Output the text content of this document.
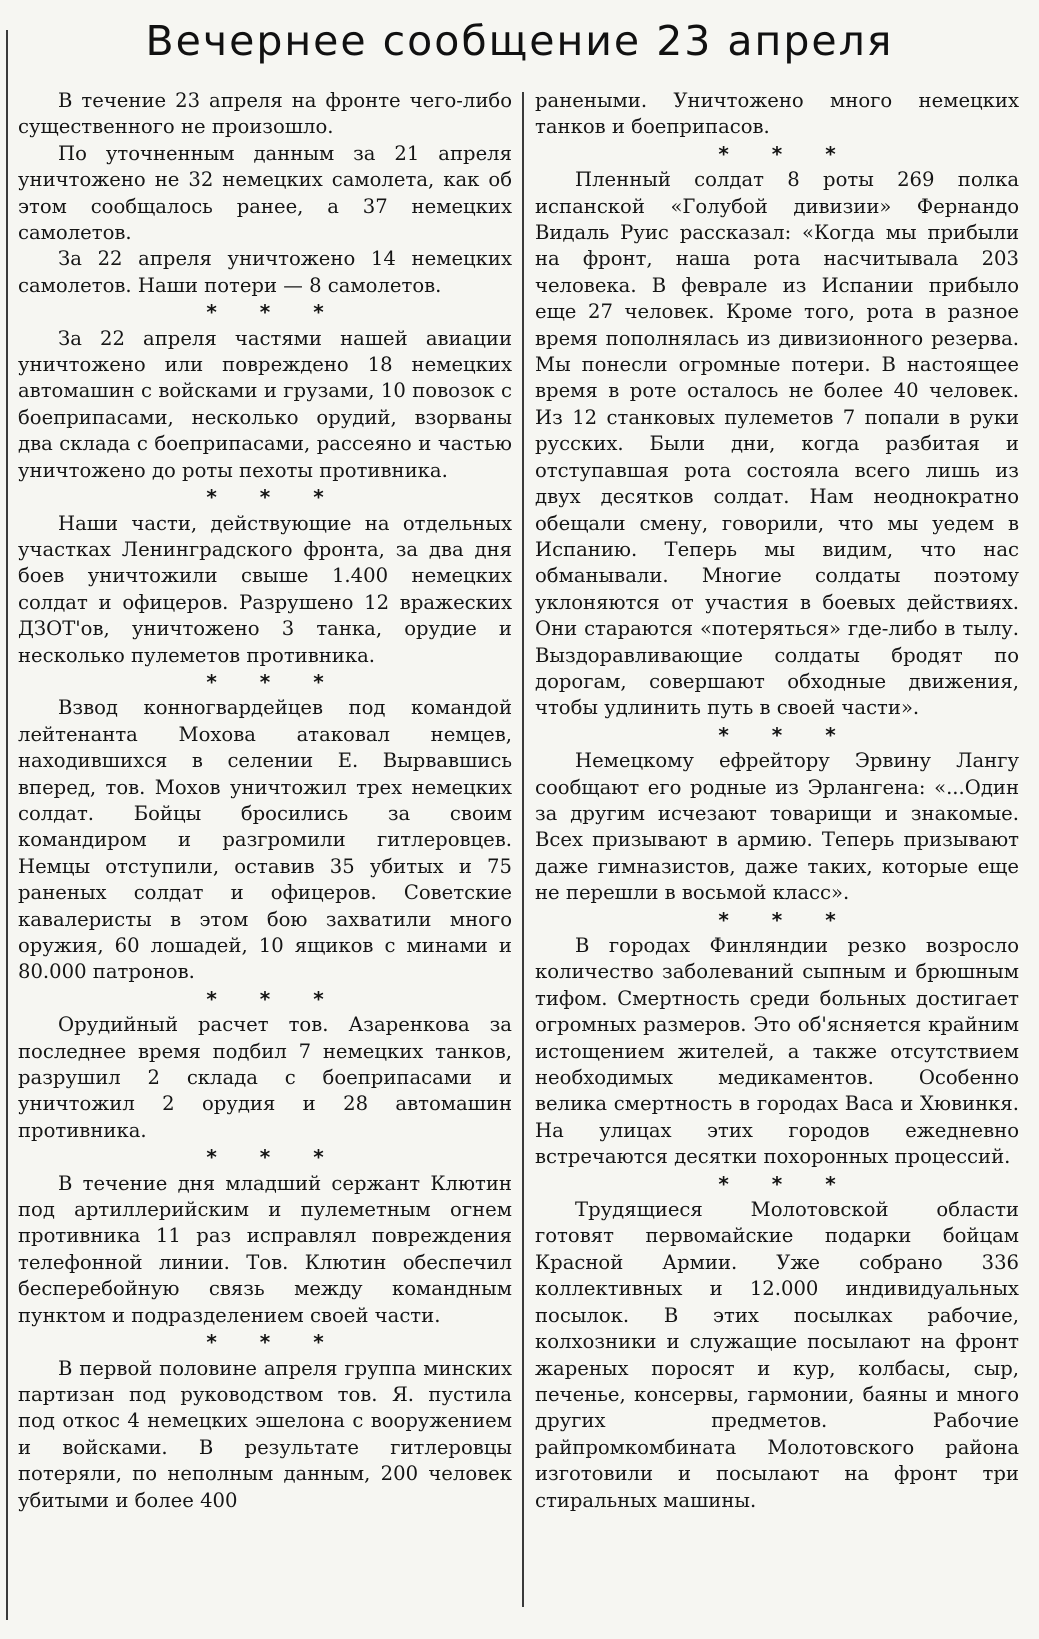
Вечернее сообщение 23 апреля
В течение 23 апреля на фронте чего-либо существенного не произошло.
По уточненным данным за 21 апреля уничтожено не 32 немецких самолета, как об этом сообщалось ранее, а 37 немецких самолетов.
За 22 апреля уничтожено 14 немецких самолетов. Наши потери — 8 самолетов.
* * *
За 22 апреля частями нашей авиации уничтожено или повреждено 18 немецких автомашин с войсками и грузами, 10 повозок с боеприпасами, несколько орудий, взорваны два склада с боеприпасами, рассеяно и частью уничтожено до роты пехоты противника.
* * *
Наши части, действующие на отдельных участках Ленинградского фронта, за два дня боев уничтожили свыше 1.400 немецких солдат и офицеров. Разрушено 12 вражеских ДЗОТ'ов, уничтожено 3 танка, орудие и несколько пулеметов противника.
* * *
Взвод конногвардейцев под командой лейтенанта Мохова атаковал немцев, находившихся в селении Е. Вырвавшись вперед, тов. Мохов уничтожил трех немецких солдат. Бойцы бросились за своим командиром и разгромили гитлеровцев. Немцы отступили, оставив 35 убитых и 75 раненых солдат и офицеров. Советские кавалеристы в этом бою захватили много оружия, 60 лошадей, 10 ящиков с минами и 80.000 патронов.
* * *
Орудийный расчет тов. Азаренкова за последнее время подбил 7 немецких танков, разрушил 2 склада с боеприпасами и уничтожил 2 орудия и 28 автомашин противника.
* * *
В течение дня младший сержант Клютин под артиллерийским и пулеметным огнем противника 11 раз исправлял повреждения телефонной линии. Тов. Клютин обеспечил бесперебойную связь между командным пунктом и подразделением своей части.
* * *
В первой половине апреля группа минских партизан под руководством тов. Я. пустила под откос 4 немецких эшелона с вооружением и войсками. В результате гитлеровцы потеряли, по неполным данным, 200 человек убитыми и более 400
ранеными. Уничтожено много немецких танков и боеприпасов.
* * *
Пленный солдат 8 роты 269 полка испанской «Голубой дивизии» Фернандо Видаль Руис рассказал: «Когда мы прибыли на фронт, наша рота насчитывала 203 человека. В феврале из Испании прибыло еще 27 человек. Кроме того, рота в разное время пополнялась из дивизионного резерва. Мы понесли огромные потери. В настоящее время в роте осталось не более 40 человек. Из 12 станковых пулеметов 7 попали в руки русских. Были дни, когда разбитая и отступавшая рота состояла всего лишь из двух десятков солдат. Нам неоднократно обещали смену, говорили, что мы уедем в Испанию. Теперь мы видим, что нас обманывали. Многие солдаты поэтому уклоняются от участия в боевых действиях. Они стараются «потеряться» где-либо в тылу. Выздоравливающие солдаты бродят по дорогам, совершают обходные движения, чтобы удлинить путь в своей части».
* * *
Немецкому ефрейтору Эрвину Лангу сообщают его родные из Эрлангена: «...Один за другим исчезают товарищи и знакомые. Всех призывают в армию. Теперь призывают даже гимназистов, даже таких, которые еще не перешли в восьмой класс».
* * *
В городах Финляндии резко возросло количество заболеваний сыпным и брюшным тифом. Смертность среди больных достигает огромных размеров. Это об'ясняется крайним истощением жителей, а также отсутствием необходимых медикаментов. Особенно велика смертность в городах Васа и Хювинкя. На улицах этих городов ежедневно встречаются десятки похоронных процессий.
* * *
Трудящиеся Молотовской области готовят первомайские подарки бойцам Красной Армии. Уже собрано 336 коллективных и 12.000 индивидуальных посылок. В этих посылках рабочие, колхозники и служащие посылают на фронт жареных поросят и кур, колбасы, сыр, печенье, консервы, гармонии, баяны и много других предметов. Рабочие райпромкомбината Молотовского района изготовили и посылают на фронт три стиральных машины.
